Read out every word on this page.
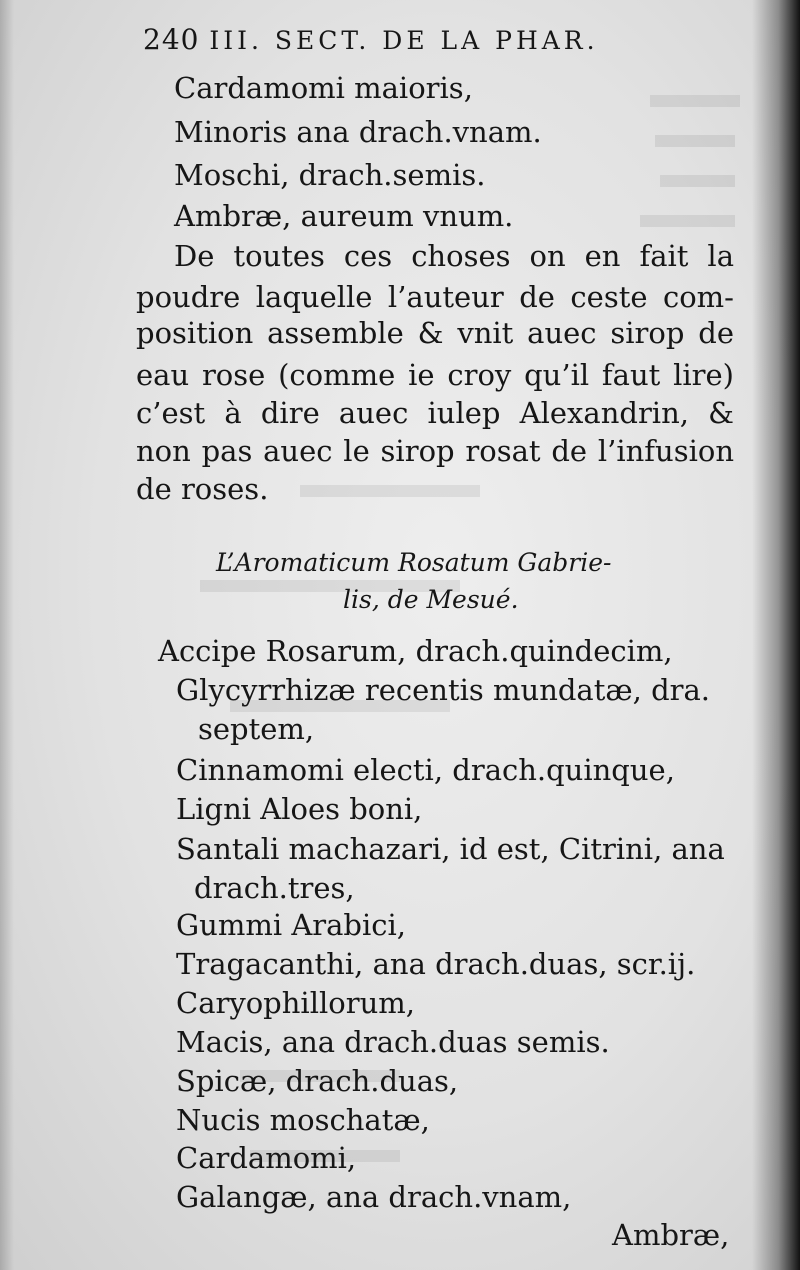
240 III. SECT. DE LA PHAR.
Cardamomi maioris,
Minoris ana drach.vnam.
Moschi, drach.semis.
Ambræ, aureum vnum.
De toutes ces choses on en fait la
poudre laquelle l’auteur de ceste com-
position assemble & vnit auec sirop de
eau rose (comme ie croy qu’il faut lire)
c’est à dire auec iulep Alexandrin, &
non pas auec le sirop rosat de l’infusion
de roses.
L’Aromaticum Rosatum Gabrie-
lis, de Mesué.
Accipe Rosarum, drach.quindecim,
Glycyrrhizæ recentis mundatæ, dra.
septem,
Cinnamomi electi, drach.quinque,
Ligni Aloes boni,
Santali machazari, id est, Citrini, ana
drach.tres,
Gummi Arabici,
Tragacanthi, ana drach.duas, scr.ij.
Caryophillorum,
Macis, ana drach.duas semis.
Spicæ, drach.duas,
Nucis moschatæ,
Cardamomi,
Galangæ, ana drach.vnam,
Ambræ,
